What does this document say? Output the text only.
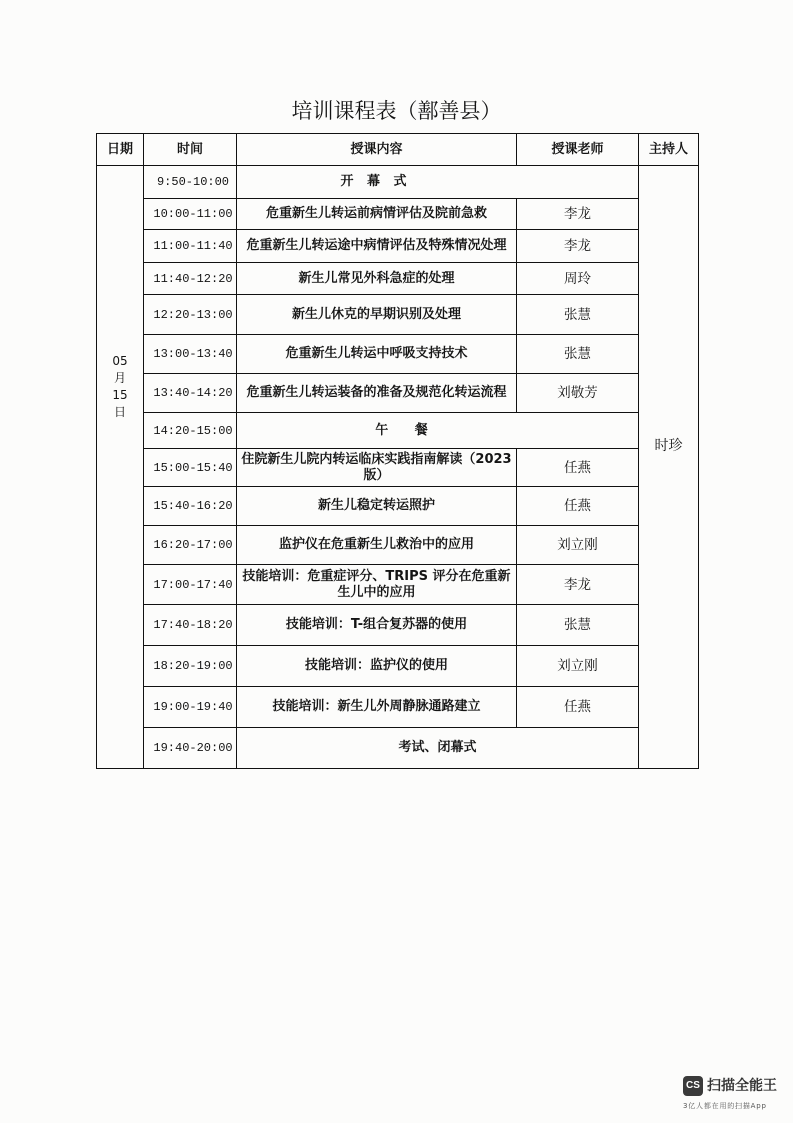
培训课程表（鄯善县）
日期	时间	授课内容	授课老师	主持人

05
月
15
日	9:50-10:00	开 幕 式		时珍
	10:00-11:00	危重新生儿转运前病情评估及院前急救	李龙	
	11:00-11:40	危重新生儿转运途中病情评估及特殊情况处理	李龙	
	11:40-12:20	新生儿常见外科急症的处理	周玲	
	12:20-13:00	新生儿休克的早期识别及处理	张慧	
	13:00-13:40	危重新生儿转运中呼吸支持技术	张慧	
	13:40-14:20	危重新生儿转运装备的准备及规范化转运流程	刘敬芳	
	14:20-15:00	午 餐		
	15:00-15:40	住院新生儿院内转运临床实践指南解读（2023版）	任燕	
	15:40-16:20	新生儿稳定转运照护	任燕	
	16:20-17:00	监护仪在危重新生儿救治中的应用	刘立刚	
	17:00-17:40	技能培训：危重症评分、TRIPS 评分在危重新生儿中的应用	李龙	
	17:40-18:20	技能培训：T-组合复苏器的使用	张慧	
	18:20-19:00	技能培训：监护仪的使用	刘立刚	
	19:00-19:40	技能培训：新生儿外周静脉通路建立	任燕	
	19:40-20:00	考试、闭幕式		
CS 扫描全能王
3亿人都在用的扫描App
